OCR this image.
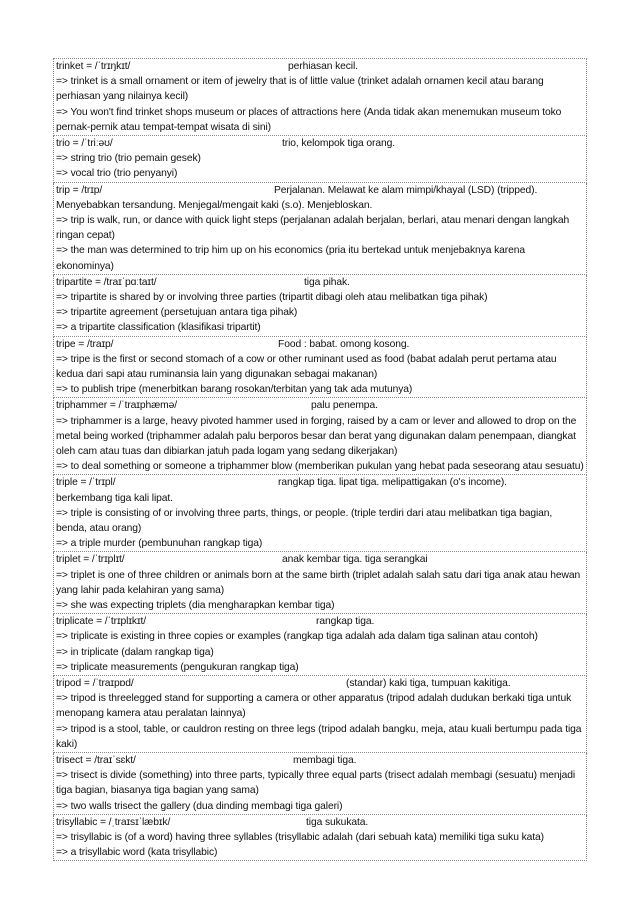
trinket = /ˈtrɪŋkɪt/	perhiasan kecil.
=> trinket is a small ornament or item of jewelry that is of little value (trinket adalah ornamen kecil atau barang perhiasan yang nilainya kecil)
=> You won't find trinket shops museum or places of attractions here (Anda tidak akan menemukan museum toko pernak-pernik atau tempat-tempat wisata di sini)
trio = /ˈtriːəʊ/	trio, kelompok tiga orang.
=> string trio (trio pemain gesek)
=> vocal trio (trio penyanyi)
trip = /trɪp/	Perjalanan. Melawat ke alam mimpi/khayal (LSD) (tripped).
Menyebabkan tersandung. Menjegal/mengait kaki (s.o). Menjebloskan.
=> trip is walk, run, or dance with quick light steps (perjalanan adalah berjalan, berlari, atau menari dengan langkah ringan cepat)
=> the man was determined to trip him up on his economics (pria itu bertekad untuk menjebaknya karena ekonominya)
tripartite = /traɪˈpɑːtaɪt/	tiga pihak.
=> tripartite is shared by or involving three parties (tripartit dibagi oleh atau melibatkan tiga pihak)
=> tripartite agreement (persetujuan antara tiga pihak)
=> a tripartite classification (klasifikasi tripartit)
tripe = /traɪp/	Food : babat. omong kosong.
=> tripe is the first or second stomach of a cow or other ruminant used as food (babat adalah perut pertama atau kedua dari sapi atau ruminansia lain yang digunakan sebagai makanan)
=> to publish tripe (menerbitkan barang rosokan/terbitan yang tak ada mutunya)
triphammer = /ˈtraɪphæmə/	palu penempa.
=> triphammer is a large, heavy pivoted hammer used in forging, raised by a cam or lever and allowed to drop on the metal being worked (triphammer adalah palu berporos besar dan berat yang digunakan dalam penempaan, diangkat oleh cam atau tuas dan dibiarkan jatuh pada logam yang sedang dikerjakan)
=> to deal something or someone a triphammer blow (memberikan pukulan yang hebat pada seseorang atau sesuatu)
triple = /ˈtrɪpl/	rangkap tiga. lipat tiga. melipattigakan (o's income).
berkembang tiga kali lipat.
=> triple is consisting of or involving three parts, things, or people. (triple terdiri dari atau melibatkan tiga bagian, benda, atau orang)
=> a triple murder (pembunuhan rangkap tiga)
triplet = /ˈtrɪplɪt/	anak kembar tiga. tiga serangkai
=> triplet is one of three children or animals born at the same birth (triplet adalah salah satu dari tiga anak atau hewan yang lahir pada kelahiran yang sama)
=> she was expecting triplets (dia mengharapkan kembar tiga)
triplicate = /ˈtrɪplɪkɪt/	rangkap tiga.
=> triplicate is existing in three copies or examples (rangkap tiga adalah ada dalam tiga salinan atau contoh)
=> in triplicate (dalam rangkap tiga)
=> triplicate measurements (pengukuran rangkap tiga)
tripod = /ˈtraɪpɒd/	(standar) kaki tiga, tumpuan kakitiga.
=> tripod is threelegged stand for supporting a camera or other apparatus (tripod adalah dudukan berkaki tiga untuk menopang kamera atau peralatan lainnya)
=> tripod is a stool, table, or cauldron resting on three legs (tripod adalah bangku, meja, atau kuali bertumpu pada tiga kaki)
trisect = /traɪˈsɛkt/	membagi tiga.
=> trisect is divide (something) into three parts, typically three equal parts (trisect adalah membagi (sesuatu) menjadi tiga bagian, biasanya tiga bagian yang sama)
=> two walls trisect the gallery (dua dinding membagi tiga galeri)
trisyllabic = /ˌtraɪsɪˈlæbɪk/	tiga sukukata.
=> trisyllabic is (of a word) having three syllables (trisyllabic adalah (dari sebuah kata) memiliki tiga suku kata)
=> a trisyllabic word (kata trisyllabic)
